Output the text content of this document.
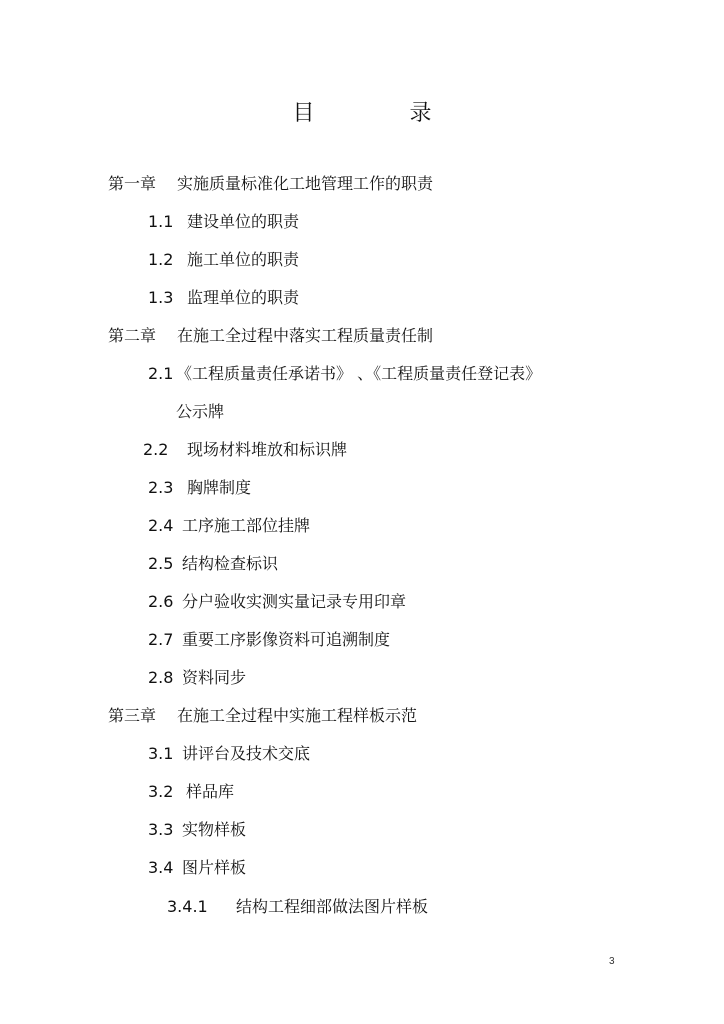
目 录
第一章 实施质量标准化工地管理工作的职责
1.1 建设单位的职责
1.2 施工单位的职责
1.3 监理单位的职责
第二章 在施工全过程中落实工程质量责任制
2.1 《工程质量责任承诺书》 、《工程质量责任登记表》
公示牌
2.2 现场材料堆放和标识牌
2.3 胸牌制度
2.4 工序施工部位挂牌
2.5 结构检查标识
2.6 分户验收实测实量记录专用印章
2.7 重要工序影像资料可追溯制度
2.8 资料同步
第三章 在施工全过程中实施工程样板示范
3.1 讲评台及技术交底
3.2 样品库
3.3 实物样板
3.4 图片样板
3.4.1 结构工程细部做法图片样板
3
